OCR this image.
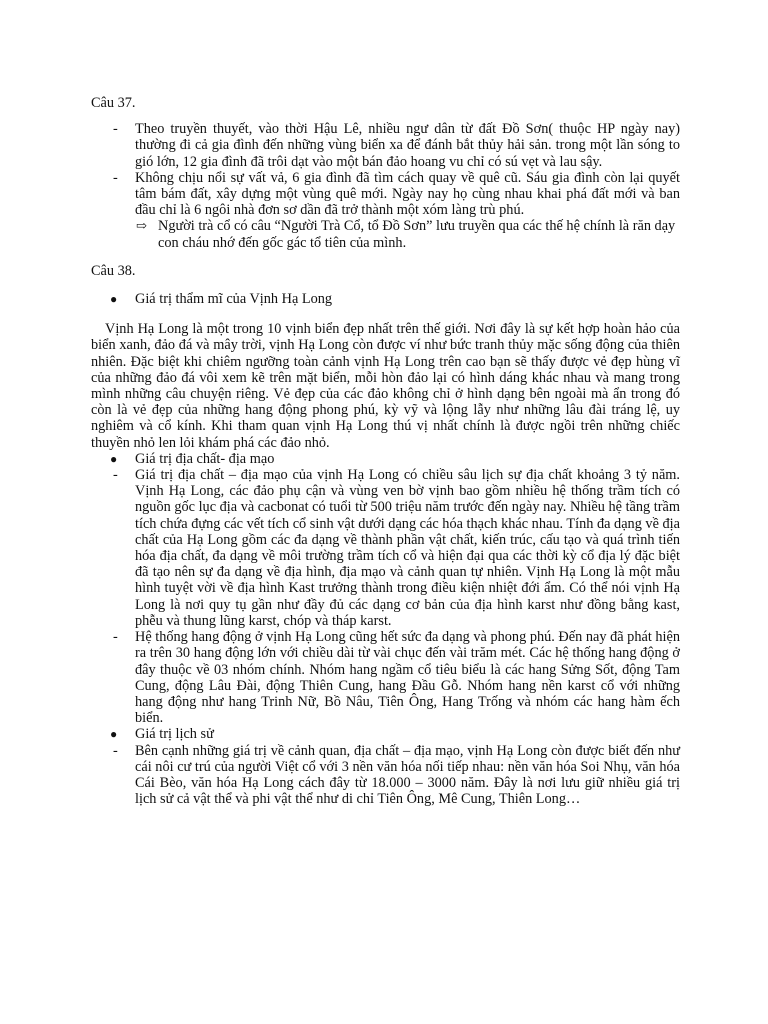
Câu 37.

- Theo truyền thuyết, vào thời Hậu Lê, nhiều ngư dân từ đất Đồ Sơn( thuộc HP ngày nay) thường đi cả gia đình đến những vùng biển xa để đánh bắt thủy hải sản. trong một lần sóng to gió lớn, 12 gia đình đã trôi dạt vào một bán đảo hoang vu chỉ có sú vẹt và lau sậy.
- Không chịu nổi sự vất vả, 6 gia đình đã tìm cách quay về quê cũ. Sáu gia đình còn lại quyết tâm bám đất, xây dựng một vùng quê mới. Ngày nay họ cùng nhau khai phá đất mới và ban đầu chỉ là 6 ngôi nhà đơn sơ dần đã trở thành một xóm làng trù phú.
⇨ Người trà cổ có câu “Người Trà Cổ, tổ Đồ Sơn” lưu truyền qua các thế hệ chính là răn dạy con cháu nhớ đến gốc gác tổ tiên của mình.

Câu 38.

● Giá trị thẩm mĩ của Vịnh Hạ Long

Vịnh Hạ Long là một trong 10 vịnh biển đẹp nhất trên thế giới. Nơi đây là sự kết hợp hoàn hảo của biển xanh, đảo đá và mây trời, vịnh Hạ Long còn được ví như bức tranh thủy mặc sống động của thiên nhiên. Đặc biệt khi chiêm ngưỡng toàn cảnh vịnh Hạ Long trên cao bạn sẽ thấy được vẻ đẹp hùng vĩ của những đảo đá vôi xem kẽ trên mặt biển, mỗi hòn đảo lại có hình dáng khác nhau và mang trong mình những câu chuyện riêng. Vẻ đẹp của các đảo không chỉ ở hình dạng bên ngoài mà ẩn trong đó còn là vẻ đẹp của những hang động phong phú, kỳ vỹ và lộng lẫy như những lâu đài tráng lệ, uy nghiêm và cổ kính. Khi tham quan vịnh Hạ Long thú vị nhất chính là được ngồi trên những chiếc thuyền nhỏ len lỏi khám phá các đảo nhỏ.

● Giá trị địa chất- địa mạo
- Giá trị địa chất – địa mạo của vịnh Hạ Long có chiều sâu lịch sự địa chất khoảng 3 tỷ năm. Vịnh Hạ Long, các đảo phụ cận và vùng ven bờ vịnh bao gồm nhiều hệ thống trầm tích có nguồn gốc lục địa và cacbonat có tuổi từ 500 triệu năm trước đến ngày nay. Nhiều hệ tầng trầm tích chứa đựng các vết tích cổ sinh vật dưới dạng các hóa thạch khác nhau. Tính đa dạng về địa chất của Hạ Long gồm các đa dạng về thành phần vật chất, kiến trúc, cấu tạo và quá trình tiến hóa địa chất, đa dạng về môi trường trầm tích cổ và hiện đại qua các thời kỳ cổ địa lý đặc biệt đã tạo nên sự đa dạng về địa hình, địa mạo và cảnh quan tự nhiên. Vịnh Hạ Long là một mẫu hình tuyệt vời về địa hình Kast trưởng thành trong điều kiện nhiệt đới ẩm. Có thể nói vịnh Hạ Long là nơi quy tụ gần như đầy đủ các dạng cơ bản của địa hình karst như đồng bằng kast, phễu và thung lũng karst, chóp và tháp karst.
- Hệ thống hang động ở vịnh Hạ Long cũng hết sức đa dạng và phong phú. Đến nay đã phát hiện ra trên 30 hang động lớn với chiều dài từ vài chục đến vài trăm mét. Các hệ thống hang động ở đây thuộc về 03 nhóm chính. Nhóm hang ngầm cổ tiêu biểu là các hang Sửng Sốt, động Tam Cung, động Lâu Đài, động Thiên Cung, hang Đầu Gỗ. Nhóm hang nền karst cổ với những hang động như hang Trinh Nữ, Bồ Nâu, Tiên Ông, Hang Trống và nhóm các hang hàm ếch biển.
● Giá trị lịch sử
- Bên cạnh những giá trị về cảnh quan, địa chất – địa mạo, vịnh Hạ Long còn được biết đến như cái nôi cư trú của người Việt cổ với 3 nền văn hóa nối tiếp nhau: nền văn hóa Soi Nhụ, văn hóa Cái Bèo, văn hóa Hạ Long cách đây từ 18.000 – 3000 năm. Đây là nơi lưu giữ nhiều giá trị lịch sử cả vật thể và phi vật thể như di chỉ Tiên Ông, Mê Cung, Thiên Long…
